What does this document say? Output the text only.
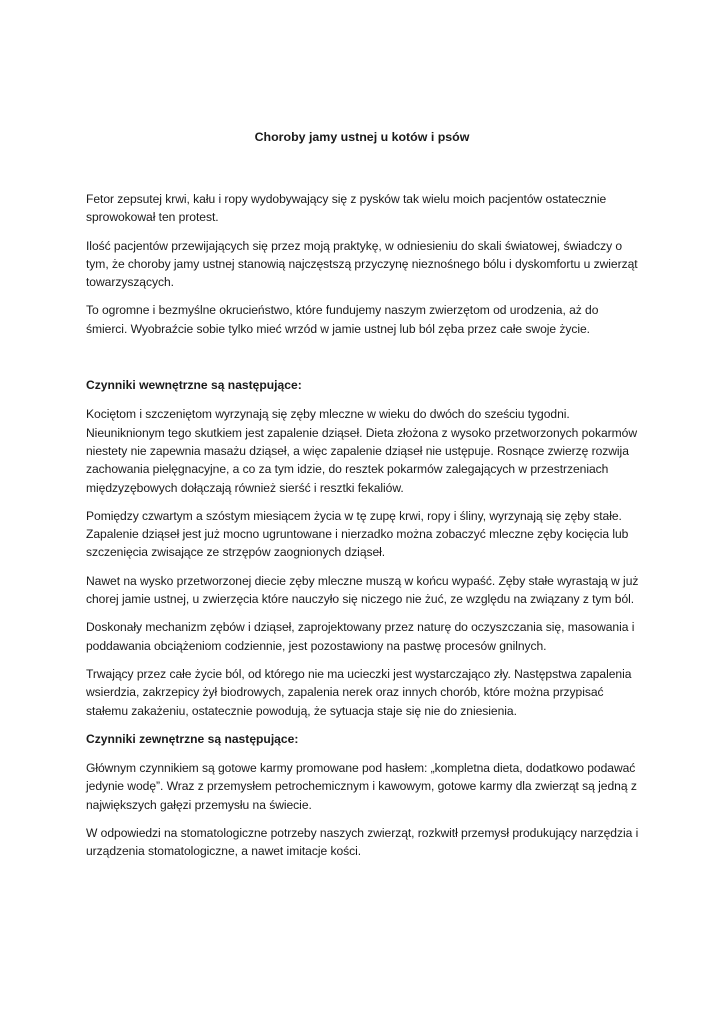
Choroby jamy ustnej u kotów i psów

Fetor zepsutej krwi, kału i ropy wydobywający się z pysków tak wielu moich pacjentów ostatecznie sprowokował ten protest.

Ilość pacjentów przewijających się przez moją praktykę, w odniesieniu do skali światowej, świadczy o tym, że choroby jamy ustnej stanowią najczęstszą przyczynę nieznośnego bólu i dyskomfortu u zwierząt towarzyszących.

To ogromne i bezmyślne okrucieństwo, które fundujemy naszym zwierzętom od urodzenia, aż do śmierci. Wyobraźcie sobie tylko mieć wrzód w jamie ustnej lub ból zęba przez całe swoje życie.

Czynniki wewnętrzne są następujące:

Kociętom i szczeniętom wyrzynają się zęby mleczne w wieku do dwóch do sześciu tygodni. Nieuniknionym tego skutkiem jest zapalenie dziąseł. Dieta złożona z wysoko przetworzonych pokarmów niestety nie zapewnia masażu dziąseł, a więc zapalenie dziąseł nie ustępuje. Rosnące zwierzę rozwija zachowania pielęgnacyjne, a co za tym idzie, do resztek pokarmów zalegających w przestrzeniach międzyzębowych dołączają również sierść i resztki fekaliów.

Pomiędzy czwartym a szóstym miesiącem życia w tę zupę krwi, ropy i śliny, wyrzynają się zęby stałe. Zapalenie dziąseł jest już mocno ugruntowane i nierzadko można zobaczyć mleczne zęby kocięcia lub szczenięcia zwisające ze strzępów zaognionych dziąseł.

Nawet na wysko przetworzonej diecie zęby mleczne muszą w końcu wypaść. Zęby stałe wyrastają w już chorej jamie ustnej, u zwierzęcia które nauczyło się niczego nie żuć, ze względu na związany z tym ból.

Doskonały mechanizm zębów i dziąseł, zaprojektowany przez naturę do oczyszczania się, masowania i poddawania obciążeniom codziennie, jest pozostawiony na pastwę procesów gnilnych.

Trwający przez całe życie ból, od którego nie ma ucieczki jest wystarczająco zły. Następstwa zapalenia wsierdzia, zakrzepicy żył biodrowych, zapalenia nerek oraz innych chorób, które można przypisać stałemu zakażeniu, ostatecznie powodują, że sytuacja staje się nie do zniesienia.

Czynniki zewnętrzne są następujące:

Głównym czynnikiem są gotowe karmy promowane pod hasłem: „kompletna dieta, dodatkowo podawać jedynie wodę”. Wraz z przemysłem petrochemicznym i kawowym, gotowe karmy dla zwierząt są jedną z największych gałęzi przemysłu na świecie.

W odpowiedzi na stomatologiczne potrzeby naszych zwierząt, rozkwitł przemysł produkujący narzędzia i urządzenia stomatologiczne, a nawet imitacje kości.
